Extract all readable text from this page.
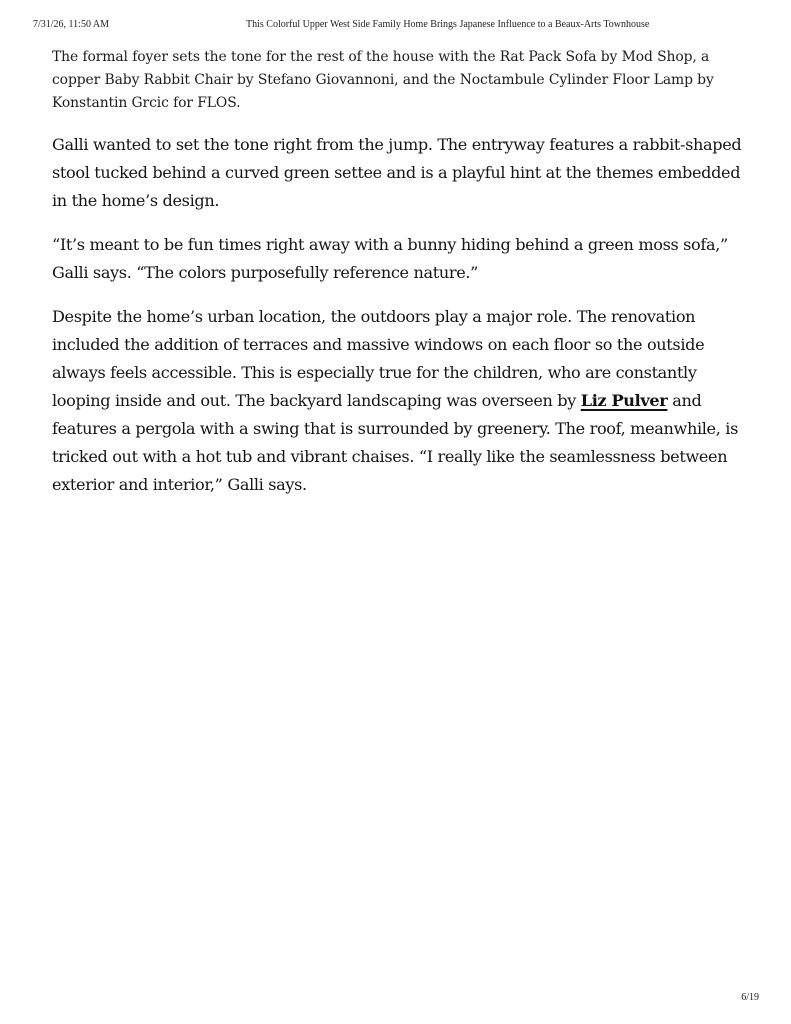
7/31/26, 11:50 AM	This Colorful Upper West Side Family Home Brings Japanese Influence to a Beaux-Arts Townhouse

The formal foyer sets the tone for the rest of the house with the Rat Pack Sofa by Mod Shop, a copper Baby Rabbit Chair by Stefano Giovannoni, and the Noctambule Cylinder Floor Lamp by Konstantin Grcic for FLOS.

Galli wanted to set the tone right from the jump. The entryway features a rabbit-shaped stool tucked behind a curved green settee and is a playful hint at the themes embedded in the home’s design.

“It’s meant to be fun times right away with a bunny hiding behind a green moss sofa,” Galli says. “The colors purposefully reference nature.”

Despite the home’s urban location, the outdoors play a major role. The renovation included the addition of terraces and massive windows on each floor so the outside always feels accessible. This is especially true for the children, who are constantly looping inside and out. The backyard landscaping was overseen by Liz Pulver and features a pergola with a swing that is surrounded by greenery. The roof, meanwhile, is tricked out with a hot tub and vibrant chaises. “I really like the seamlessness between exterior and interior,” Galli says.

6/19
